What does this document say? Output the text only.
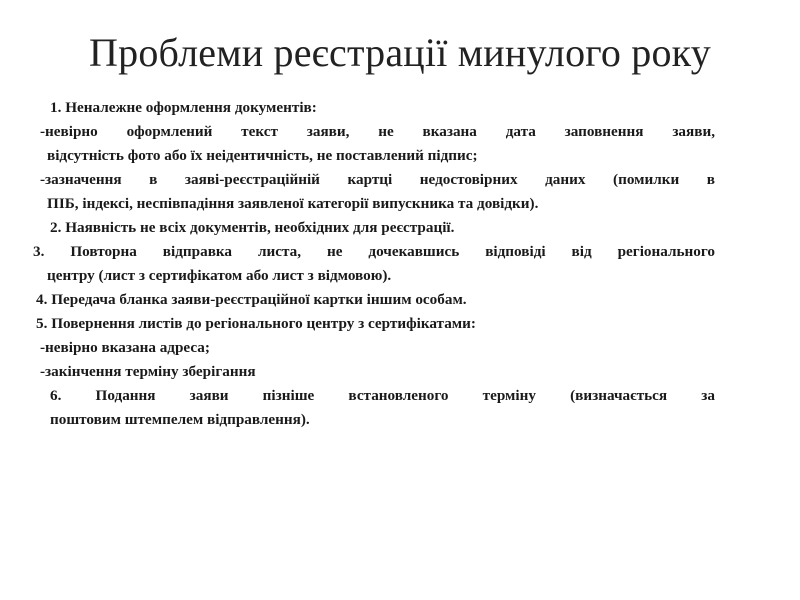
Проблеми реєстрації минулого року
1. Неналежне оформлення документів:
-невірно оформлений текст заяви, не вказана дата заповнення заяви,
відсутність фото або їх неідентичність, не поставлений підпис;
-зазначення в заяві-реєстраційній картці недостовірних даних (помилки в
ПІБ, індексі, неспівпадіння заявленої категорії випускника та довідки).
2. Наявність не всіх документів, необхідних для реєстрації.
3. Повторна відправка листа, не дочекавшись відповіді від регіонального
центру (лист з сертифікатом або лист з відмовою).
4. Передача бланка заяви-реєстраційної картки іншим особам.
5. Повернення листів до регіонального центру з сертифікатами:
-невірно вказана адреса;
-закінчення терміну зберігання
6. Подання заяви пізніше встановленого терміну (визначається за
поштовим штемпелем відправлення).
